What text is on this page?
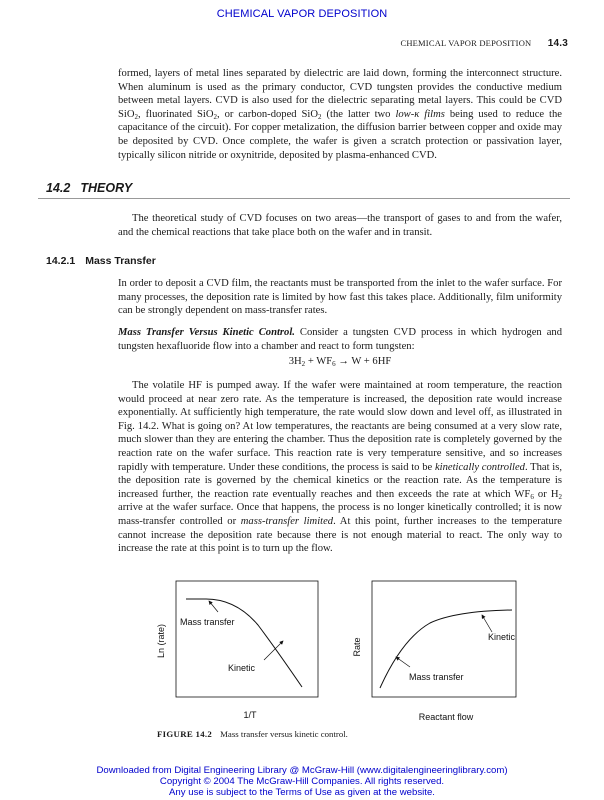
CHEMICAL VAPOR DEPOSITION
CHEMICAL VAPOR DEPOSITION 14.3

formed, layers of metal lines separated by dielectric are laid down, forming the interconnect structure. When aluminum is used as the primary conductor, CVD tungsten provides the conductive medium between metal layers. CVD is also used for the dielectric separating metal layers. This could be CVD SiO$_2$, fluorinated SiO$_2$, or carbon-doped SiO$_2$ (the latter two low-κ films being used to reduce the capacitance of the circuit). For copper metalization, the diffusion barrier between copper and oxide may be deposited by CVD. Once complete, the wafer is given a scratch protection or passivation layer, typically silicon nitride or oxynitride, deposited by plasma-enhanced CVD.

14.2 THEORY

The theoretical study of CVD focuses on two areas—the transport of gases to and from the wafer, and the chemical reactions that take place both on the wafer and in transit.

14.2.1 Mass Transfer

In order to deposit a CVD film, the reactants must be transported from the inlet to the wafer surface. For many processes, the deposition rate is limited by how fast this takes place. Additionally, film uniformity can be strongly dependent on mass-transfer rates.

Mass Transfer Versus Kinetic Control. Consider a tungsten CVD process in which hydrogen and tungsten hexafluoride flow into a chamber and react to form tungsten:

$3H_2 + WF_6 \to W + 6HF$

The volatile HF is pumped away. If the wafer were maintained at room temperature, the reaction would proceed at near zero rate. As the temperature is increased, the deposition rate would increase exponentially. At sufficiently high temperature, the rate would slow down and level off, as illustrated in Fig. 14.2. What is going on? At low temperatures, the reactants are being consumed at a very slow rate, much slower than they are entering the chamber. Thus the deposition rate is completely governed by the reaction rate on the wafer surface. This reaction rate is very temperature sensitive, and so increases rapidly with temperature. Under these conditions, the process is said to be kinetically controlled. That is, the deposition rate is governed by the chemical kinetics or the reaction rate. As the temperature is increased further, the reaction rate eventually reaches and then exceeds the rate at which $WF_6$ or $H_2$ arrive at the wafer surface. Once that happens, the process is no longer kinetically controlled; it is now mass-transfer controlled or mass-transfer limited. At this point, further increases to the temperature cannot increase the deposition rate because there is not enough material to react. The only way to increase the rate at this point is to turn up the flow.

Mass transfer
Kinetic
Ln (rate)
1/T
Kinetic
Mass transfer
Rate
Reactant flow
FIGURE 14.2 Mass transfer versus kinetic control.
Downloaded from Digital Engineering Library @ McGraw-Hill (www.digitalengineeringlibrary.com)
Copyright © 2004 The McGraw-Hill Companies. All rights reserved.
Any use is subject to the Terms of Use as given at the website.
